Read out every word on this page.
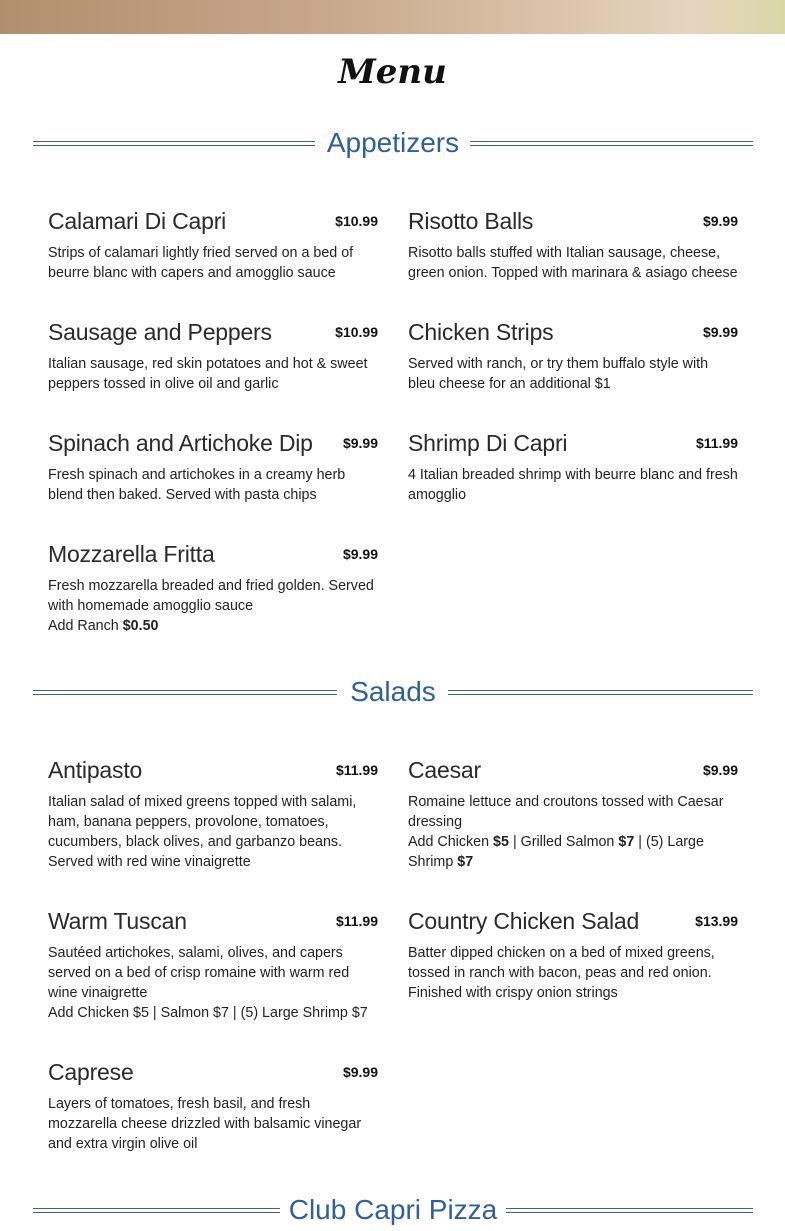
Menu
Appetizers
Calamari Di Capri	$10.99
Strips of calamari lightly fried served on a bed of beurre blanc with capers and amogglio sauce
Risotto Balls	$9.99
Risotto balls stuffed with Italian sausage, cheese, green onion. Topped with marinara & asiago cheese
Sausage and Peppers	$10.99
Italian sausage, red skin potatoes and hot & sweet peppers tossed in olive oil and garlic
Chicken Strips	$9.99
Served with ranch, or try them buffalo style with bleu cheese for an additional $1
Spinach and Artichoke Dip $9.99
Fresh spinach and artichokes in a creamy herb blend then baked. Served with pasta chips
Shrimp Di Capri	$11.99
4 Italian breaded shrimp with beurre blanc and fresh amogglio
Mozzarella Fritta	$9.99
Fresh mozzarella breaded and fried golden. Served with homemade amogglio sauce
Add Ranch $0.50
Salads
Antipasto	$11.99
Italian salad of mixed greens topped with salami, ham, banana peppers, provolone, tomatoes, cucumbers, black olives, and garbanzo beans. Served with red wine vinaigrette
Caesar	$9.99
Romaine lettuce and croutons tossed with Caesar dressing
Add Chicken $5 | Grilled Salmon $7 | (5) Large Shrimp $7
Warm Tuscan	$11.99
Sautéed artichokes, salami, olives, and capers served on a bed of crisp romaine with warm red wine vinaigrette
Add Chicken $5 | Salmon $7 | (5) Large Shrimp $7
Country Chicken Salad	$13.99
Batter dipped chicken on a bed of mixed greens, tossed in ranch with bacon, peas and red onion. Finished with crispy onion strings
Caprese	$9.99
Layers of tomatoes, fresh basil, and fresh mozzarella cheese drizzled with balsamic vinegar and extra virgin olive oil
Club Capri Pizza
